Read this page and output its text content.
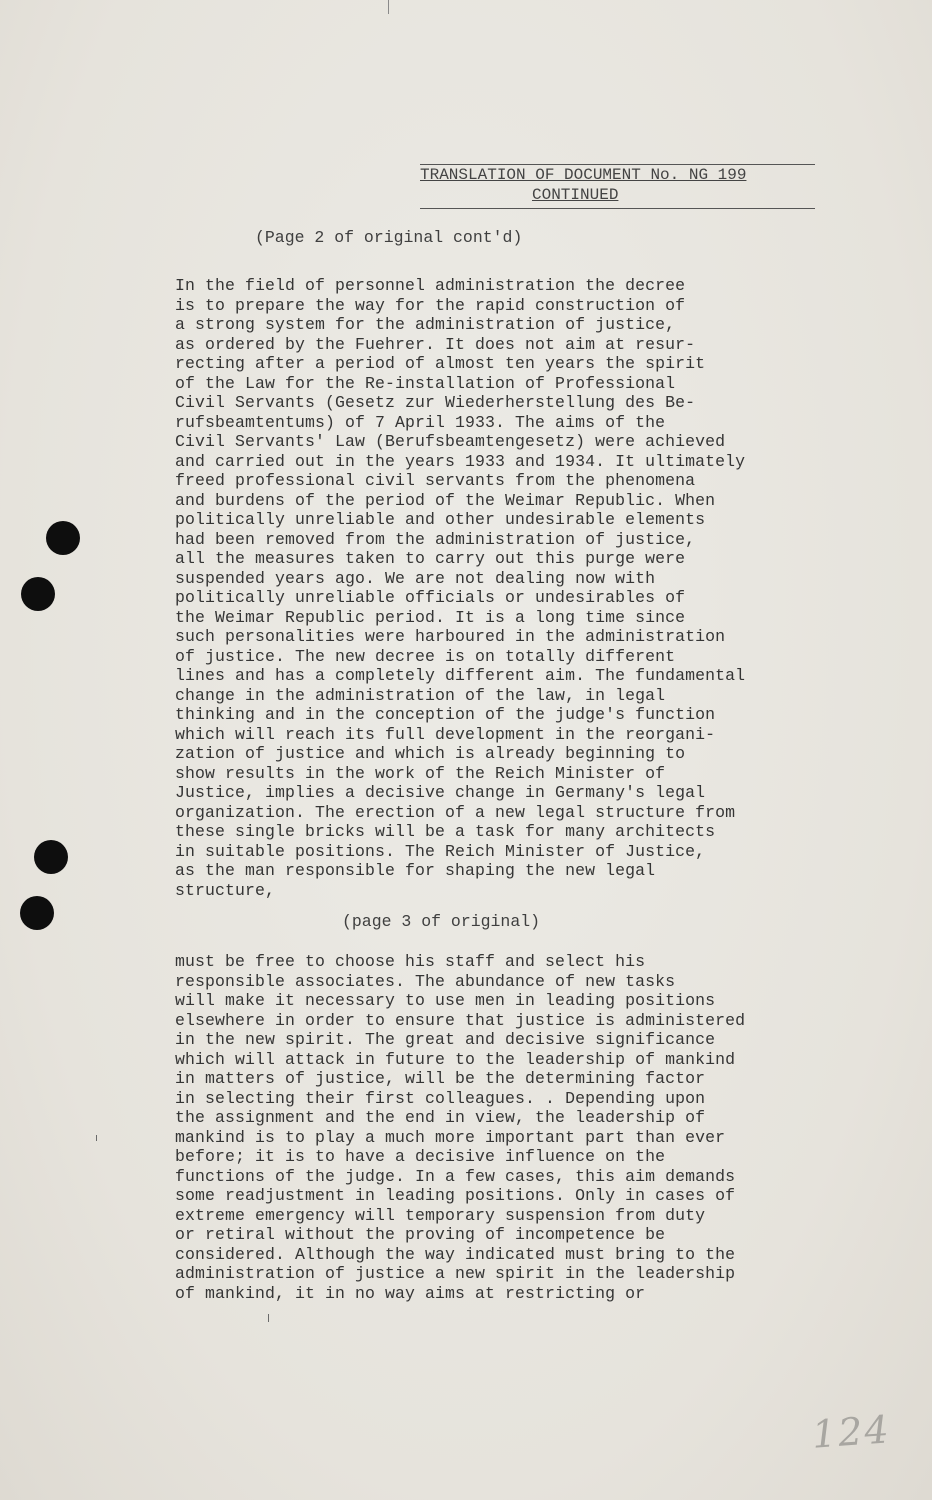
TRANSLATION OF DOCUMENT No. NG 199
CONTINUED
(Page 2 of original cont'd)
In the field of personnel administration the decree
is to prepare the way for the rapid construction of
a strong system for the administration of justice,
as ordered by the Fuehrer. It does not aim at resur-
recting after a period of almost ten years the spirit
of the Law for the Re-installation of Professional
Civil Servants (Gesetz zur Wiederherstellung des Be-
rufsbeamtentums) of 7 April 1933. The aims of the
Civil Servants' Law (Berufsbeamtengesetz) were achieved
and carried out in the years 1933 and 1934. It ultimately
freed professional civil servants from the phenomena
and burdens of the period of the Weimar Republic. When
politically unreliable and other undesirable elements
had been removed from the administration of justice,
all the measures taken to carry out this purge were
suspended years ago. We are not dealing now with
politically unreliable officials or undesirables of
the Weimar Republic period. It is a long time since
such personalities were harboured in the administration
of justice. The new decree is on totally different
lines and has a completely different aim. The fundamental
change in the administration of the law, in legal
thinking and in the conception of the judge's function
which will reach its full development in the reorgani-
zation of justice and which is already beginning to
show results in the work of the Reich Minister of
Justice, implies a decisive change in Germany's legal
organization. The erection of a new legal structure from
these single bricks will be a task for many architects
in suitable positions. The Reich Minister of Justice,
as the man responsible for shaping the new legal
structure,
(page 3 of original)
must be free to choose his staff and select his
responsible associates. The abundance of new tasks
will make it necessary to use men in leading positions
elsewhere in order to ensure that justice is administered
in the new spirit. The great and decisive significance
which will attack in future to the leadership of mankind
in matters of justice, will be the determining factor
in selecting their first colleagues. . Depending upon
the assignment and the end in view, the leadership of
mankind is to play a much more important part than ever
before; it is to have a decisive influence on the
functions of the judge. In a few cases, this aim demands
some readjustment in leading positions. Only in cases of
extreme emergency will temporary suspension from duty
or retiral without the proving of incompetence be
considered. Although the way indicated must bring to the
administration of justice a new spirit in the leadership
of mankind, it in no way aims at restricting or
124
